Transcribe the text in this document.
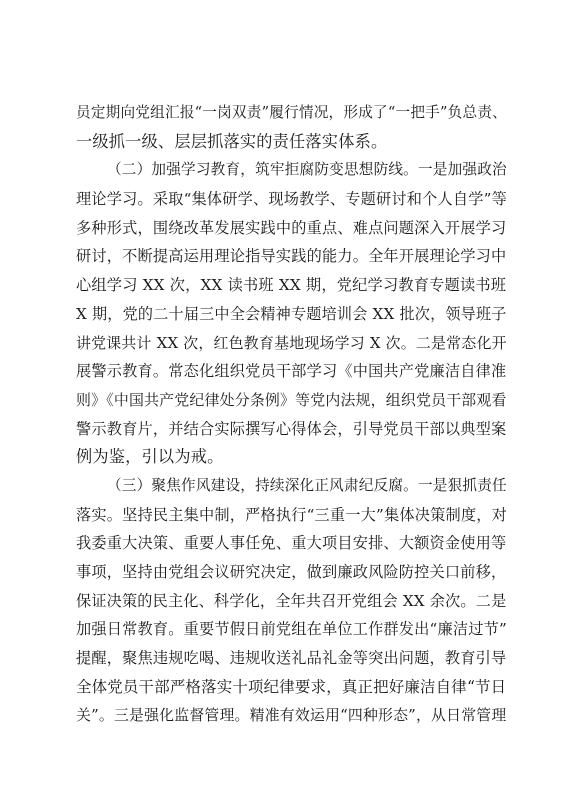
员定期向党组汇报“一岗双责”履行情况，形成了“一把手”负总责、
一级抓一级、层层抓落实的责任落实体系。
（二）加强学习教育，筑牢拒腐防变思想防线。一是加强政治
理论学习。采取“集体研学、现场教学、专题研讨和个人自学”等
多种形式，围绕改革发展实践中的重点、难点问题深入开展学习
研讨，不断提高运用理论指导实践的能力。全年开展理论学习中
心组学习 XX 次，XX 读书班 XX 期，党纪学习教育专题读书班
X 期，党的二十届三中全会精神专题培训会 XX 批次，领导班子
讲党课共计 XX 次，红色教育基地现场学习 X 次。二是常态化开
展警示教育。常态化组织党员干部学习《中国共产党廉洁自律准
则》《中国共产党纪律处分条例》等党内法规，组织党员干部观看
警示教育片，并结合实际撰写心得体会，引导党员干部以典型案
例为鉴，引以为戒。
（三）聚焦作风建设，持续深化正风肃纪反腐。一是狠抓责任
落实。坚持民主集中制，严格执行“三重一大”集体决策制度，对
我委重大决策、重要人事任免、重大项目安排、大额资金使用等
事项，坚持由党组会议研究决定，做到廉政风险防控关口前移，
保证决策的民主化、科学化，全年共召开党组会 XX 余次。二是
加强日常教育。重要节假日前党组在单位工作群发出“廉洁过节”
提醒，聚焦违规吃喝、违规收送礼品礼金等突出问题，教育引导
全体党员干部严格落实十项纪律要求，真正把好廉洁自律“节日
关”。三是强化监督管理。精准有效运用“四种形态”，从日常管理
